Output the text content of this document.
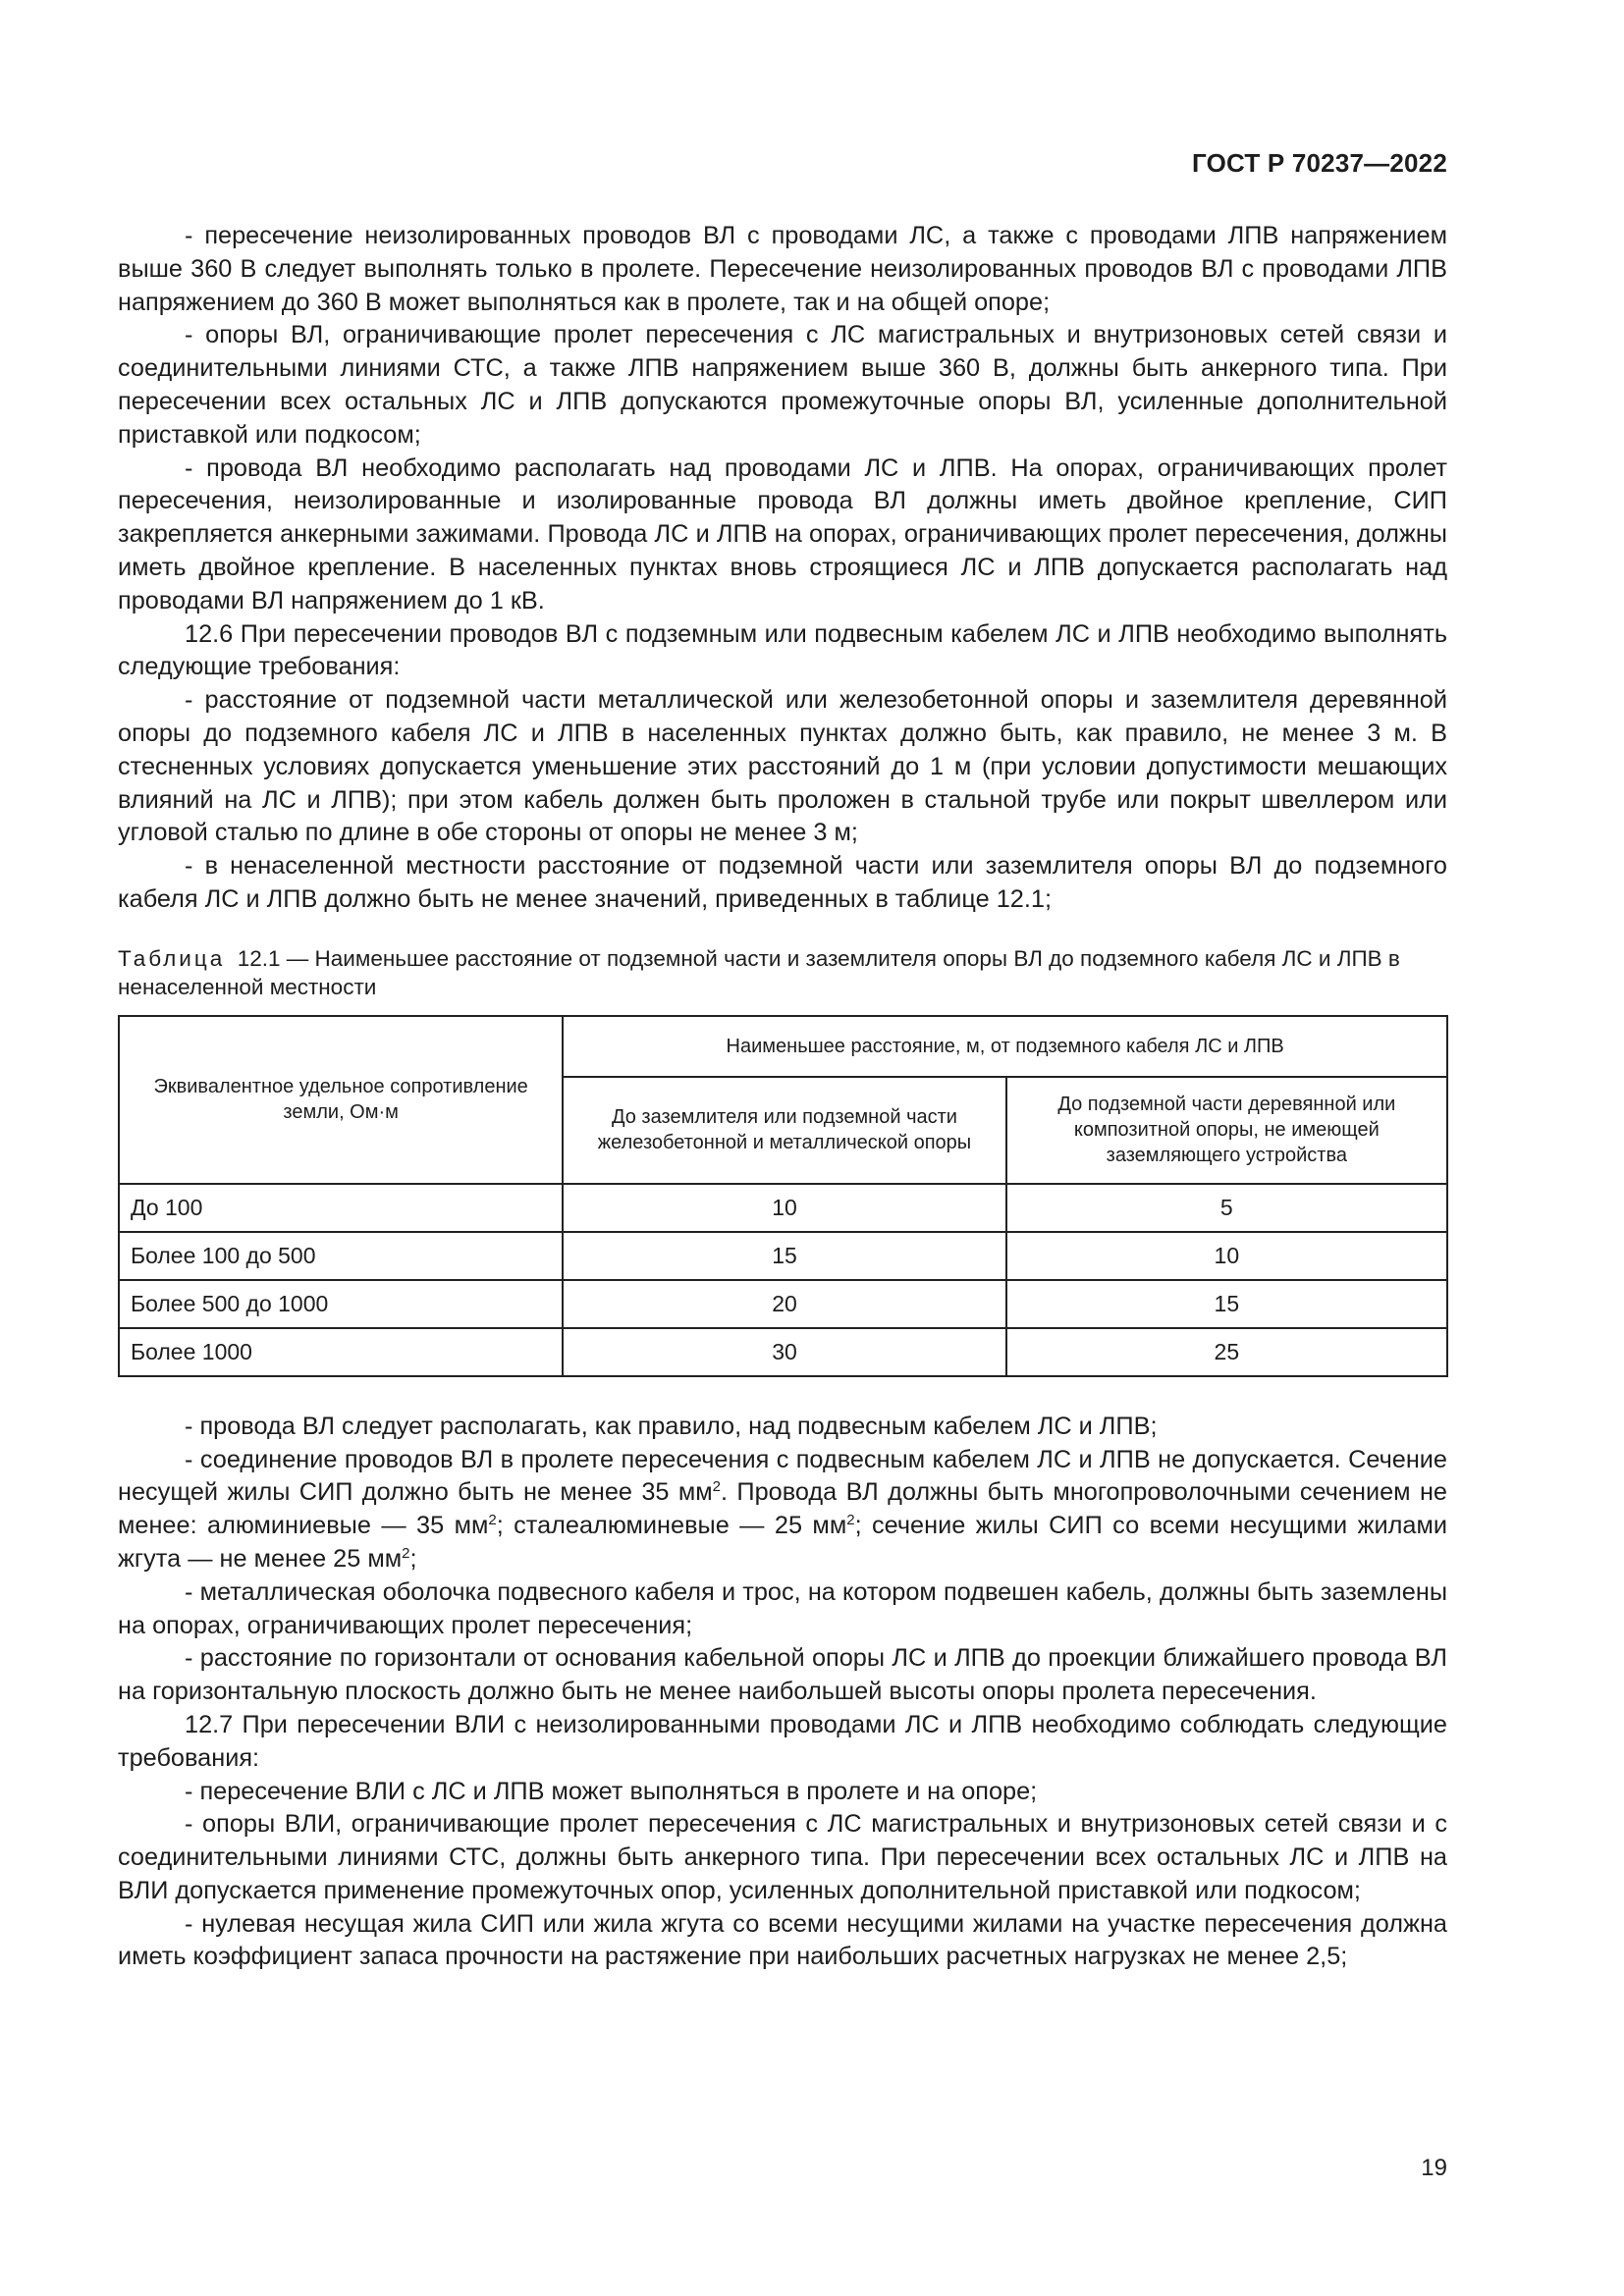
ГОСТ Р 70237—2022

- пересечение неизолированных проводов ВЛ с проводами ЛС, а также с проводами ЛПВ напряжением выше 360 В следует выполнять только в пролете. Пересечение неизолированных проводов ВЛ с проводами ЛПВ напряжением до 360 В может выполняться как в пролете, так и на общей опоре;

- опоры ВЛ, ограничивающие пролет пересечения с ЛС магистральных и внутризоновых сетей связи и соединительными линиями СТС, а также ЛПВ напряжением выше 360 В, должны быть анкерного типа. При пересечении всех остальных ЛС и ЛПВ допускаются промежуточные опоры ВЛ, усиленные дополнительной приставкой или подкосом;

- провода ВЛ необходимо располагать над проводами ЛС и ЛПВ. На опорах, ограничивающих пролет пересечения, неизолированные и изолированные провода ВЛ должны иметь двойное крепление, СИП закрепляется анкерными зажимами. Провода ЛС и ЛПВ на опорах, ограничивающих пролет пересечения, должны иметь двойное крепление. В населенных пунктах вновь строящиеся ЛС и ЛПВ допускается располагать над проводами ВЛ напряжением до 1 кВ.

12.6 При пересечении проводов ВЛ с подземным или подвесным кабелем ЛС и ЛПВ необходимо выполнять следующие требования:

- расстояние от подземной части металлической или железобетонной опоры и заземлителя деревянной опоры до подземного кабеля ЛС и ЛПВ в населенных пунктах должно быть, как правило, не менее 3 м. В стесненных условиях допускается уменьшение этих расстояний до 1 м (при условии допустимости мешающих влияний на ЛС и ЛПВ); при этом кабель должен быть проложен в стальной трубе или покрыт швеллером или угловой сталью по длине в обе стороны от опоры не менее 3 м;

- в ненаселенной местности расстояние от подземной части или заземлителя опоры ВЛ до подземного кабеля ЛС и ЛПВ должно быть не менее значений, приведенных в таблице 12.1;

Таблица 12.1 — Наименьшее расстояние от подземной части и заземлителя опоры ВЛ до подземного кабеля ЛС и ЛПВ в ненаселенной местности
Эквивалентное удельное сопротивление земли, Ом·м	Наименьшее расстояние, м, от подземного кабеля ЛС и ЛПВ	
	До заземлителя или подземной части железобетонной и металлической опоры	До подземной части деревянной или композитной опоры, не имеющей заземляющего устройства
До 100	10	5
Более 100 до 500	15	10
Более 500 до 1000	20	15
Более 1000	30	25

- провода ВЛ следует располагать, как правило, над подвесным кабелем ЛС и ЛПВ;

- соединение проводов ВЛ в пролете пересечения с подвесным кабелем ЛС и ЛПВ не допускается. Сечение несущей жилы СИП должно быть не менее 35 $мм^2$. Провода ВЛ должны быть многопроволочными сечением не менее: алюминиевые — 35 $мм^2$; сталеалюминевые — 25 $мм^2$; сечение жилы СИП со всеми несущими жилами жгута — не менее 25 $мм^2$;

- металлическая оболочка подвесного кабеля и трос, на котором подвешен кабель, должны быть заземлены на опорах, ограничивающих пролет пересечения;

- расстояние по горизонтали от основания кабельной опоры ЛС и ЛПВ до проекции ближайшего провода ВЛ на горизонтальную плоскость должно быть не менее наибольшей высоты опоры пролета пересечения.

12.7 При пересечении ВЛИ с неизолированными проводами ЛС и ЛПВ необходимо соблюдать следующие требования:

- пересечение ВЛИ с ЛС и ЛПВ может выполняться в пролете и на опоре;

- опоры ВЛИ, ограничивающие пролет пересечения с ЛС магистральных и внутризоновых сетей связи и с соединительными линиями СТС, должны быть анкерного типа. При пересечении всех остальных ЛС и ЛПВ на ВЛИ допускается применение промежуточных опор, усиленных дополнительной приставкой или подкосом;

- нулевая несущая жила СИП или жила жгута со всеми несущими жилами на участке пересечения должна иметь коэффициент запаса прочности на растяжение при наибольших расчетных нагрузках не менее 2,5;

19
